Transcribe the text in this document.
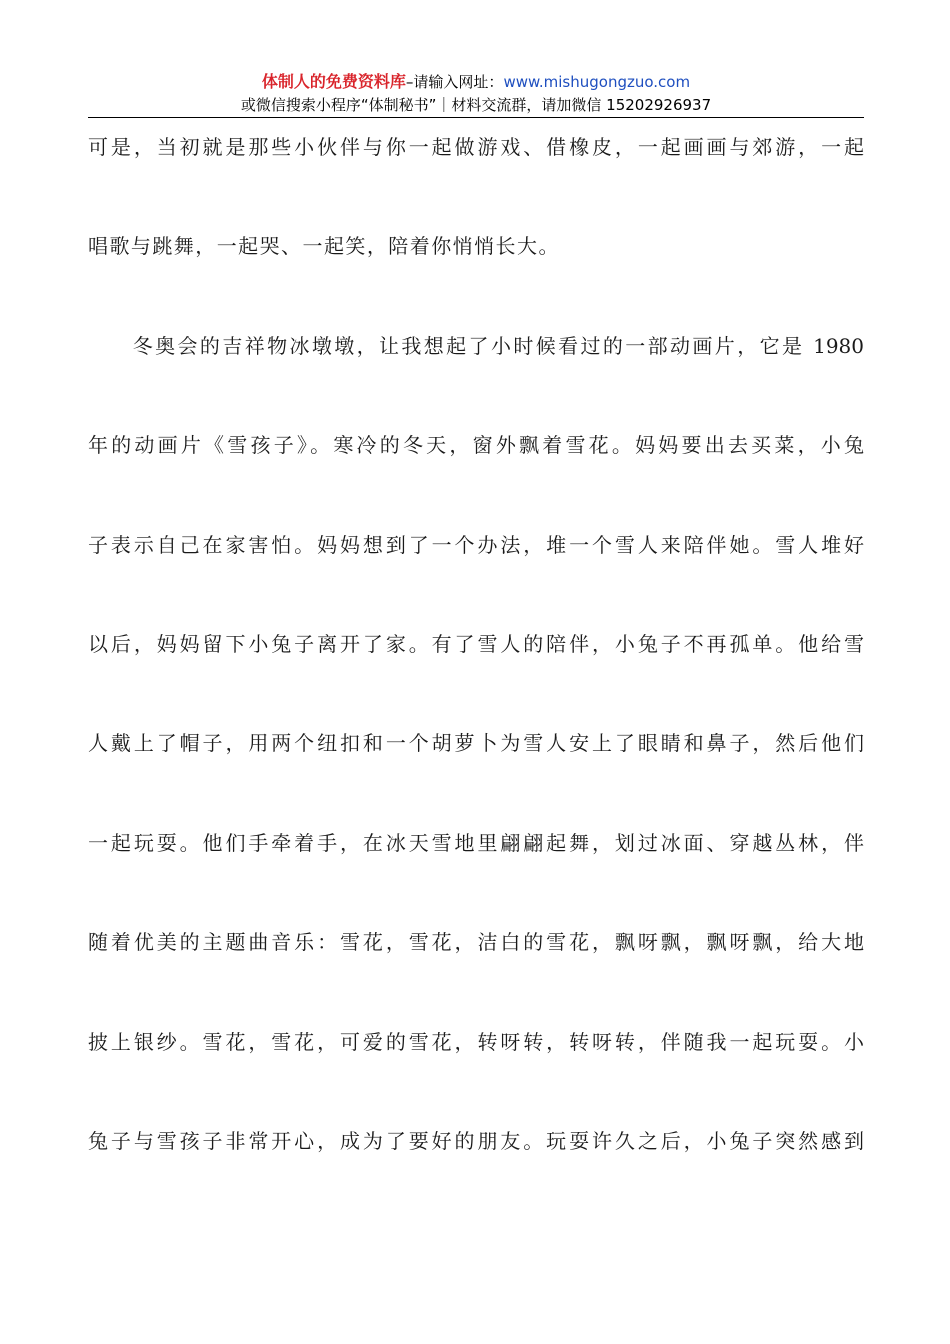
体制人的免费资料库–请输入网址：www.mishugongzuo.com
或微信搜索小程序“体制秘书”｜材料交流群，请加微信 15202926937
可是，当初就是那些小伙伴与你一起做游戏、借橡皮，一起画画与郊游，一起
唱歌与跳舞，一起哭、一起笑，陪着你悄悄长大。
　　冬奥会的吉祥物冰墩墩，让我想起了小时候看过的一部动画片，它是 1980
年的动画片《雪孩子》。寒冷的冬天，窗外飘着雪花。妈妈要出去买菜，小兔
子表示自己在家害怕。妈妈想到了一个办法，堆一个雪人来陪伴她。雪人堆好
以后，妈妈留下小兔子离开了家。有了雪人的陪伴，小兔子不再孤单。他给雪
人戴上了帽子，用两个纽扣和一个胡萝卜为雪人安上了眼睛和鼻子，然后他们
一起玩耍。他们手牵着手，在冰天雪地里翩翩起舞，划过冰面、穿越丛林，伴
随着优美的主题曲音乐：雪花，雪花，洁白的雪花，飘呀飘，飘呀飘，给大地
披上银纱。雪花，雪花，可爱的雪花，转呀转，转呀转，伴随我一起玩耍。小
兔子与雪孩子非常开心，成为了要好的朋友。玩耍许久之后，小兔子突然感到
